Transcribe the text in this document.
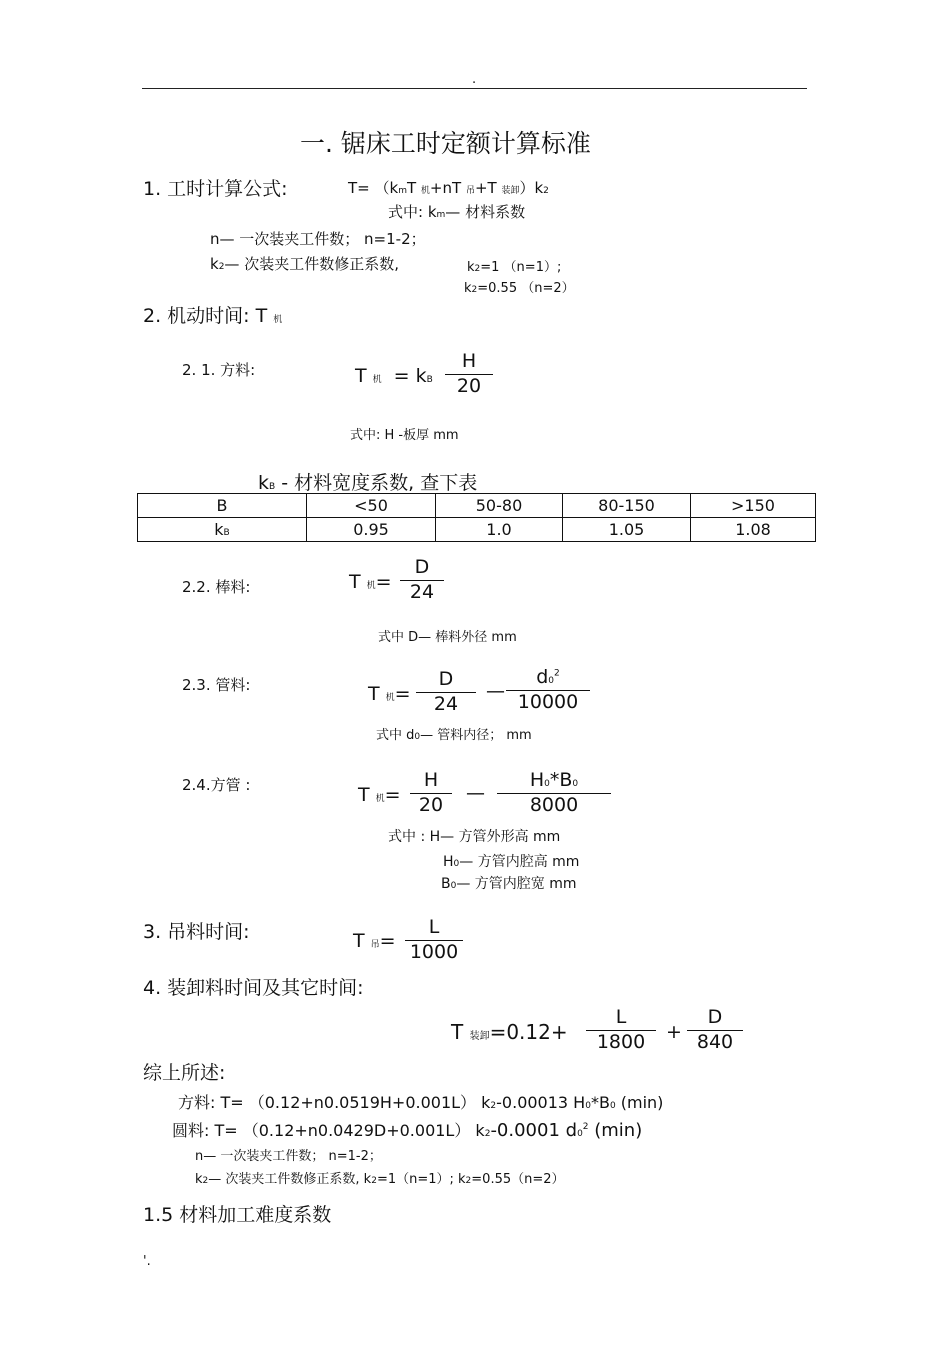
.
一. 锯床工时定额计算标准
1. 工时计算公式:	T= （kmT 机+nT 吊+T 装卸）k2
式中: km— 材料系数
n— 一次装夹工件数； n=1-2；
k2— 次装夹工件数修正系数,	k2=1 （n=1）;
k2=0.55 （n=2）
2. 机动时间: T 机
2. 1. 方料:	T 机 = kB
H
20
式中: H -板厚 mm
kB - 材料宽度系数, 查下表
B	<50	50-80	80-150	>150
kB	0.95	1.0	1.05	1.08
2.2. 棒料:	T 机=
D
24
式中 D— 棒料外径 mm
2.3. 管料:	T 机=
D
24
—
$d0^2$
10000
式中 d0— 管料内径； mm
2.4.方管 :	T 机=
H
20
—
H0*B0
8000
式中 : H— 方管外形高 mm
H0— 方管内腔高 mm
B0— 方管内腔宽 mm
3. 吊料时间:	T 吊=
L
1000
4. 装卸料时间及其它时间:
T 装卸=0.12+
L
1800 +
D
840
综上所述:
方料: T= （0.12+n0.0519H+0.001L） k2-0.00013 H0*B0 (min)
圆料: T= （0.12+n0.0429D+0.001L） k2-0.0001 $d0^2$ (min)
n— 一次装夹工件数； n=1-2；
k2— 次装夹工件数修正系数, k2=1（n=1）; k2=0.55（n=2）
1.5 材料加工难度系数
'.
